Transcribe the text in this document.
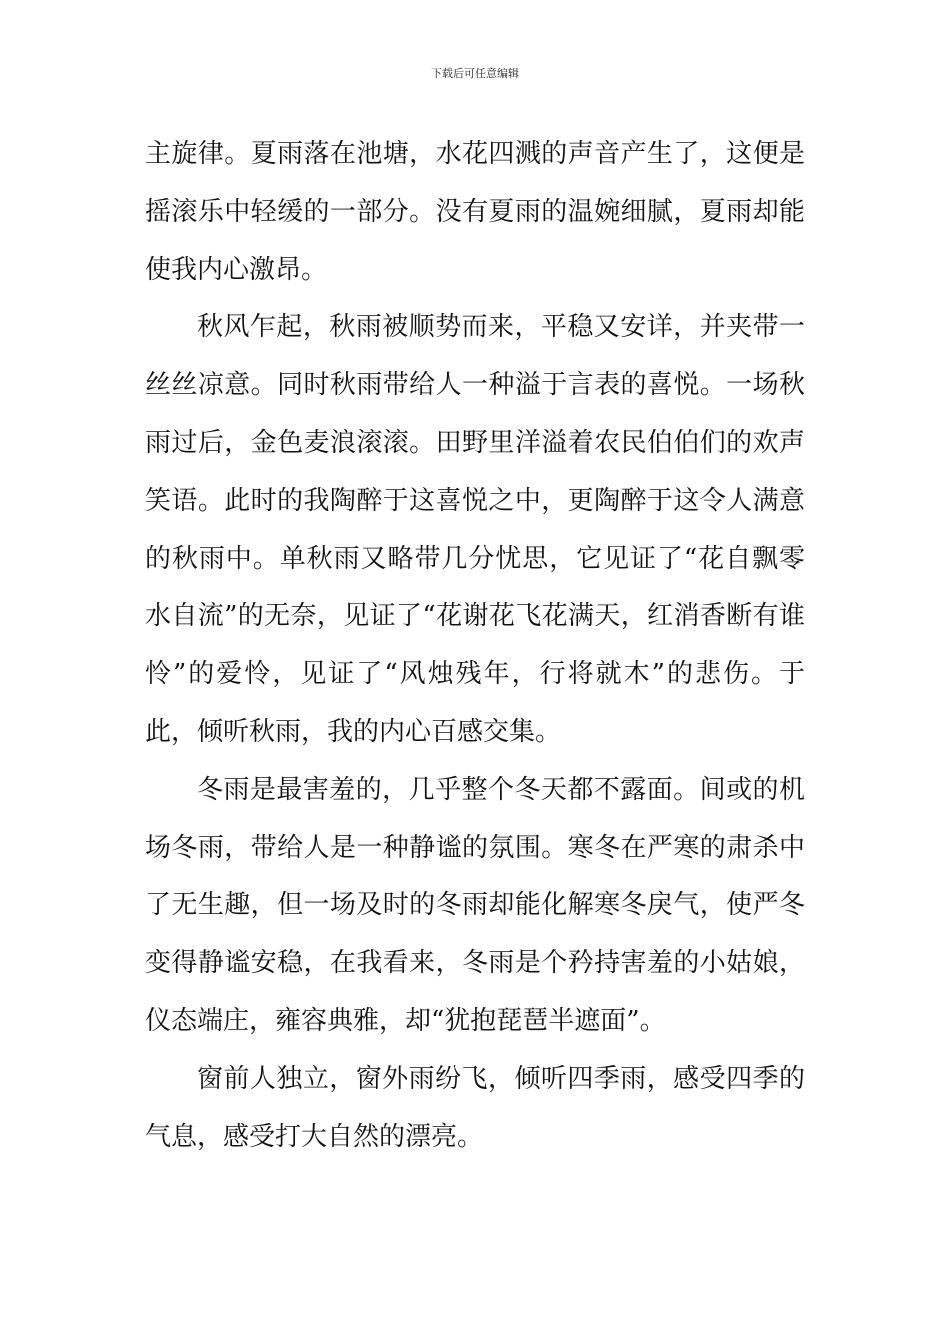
下载后可任意编辑

主旋律。夏雨落在池塘，水花四溅的声音产生了，这便是摇滚乐中轻缓的一部分。没有夏雨的温婉细腻，夏雨却能使我内心激昂。

秋风乍起，秋雨被顺势而来，平稳又安详，并夹带一丝丝凉意。同时秋雨带给人一种溢于言表的喜悦。一场秋雨过后，金色麦浪滚滚。田野里洋溢着农民伯伯们的欢声笑语。此时的我陶醉于这喜悦之中，更陶醉于这令人满意的秋雨中。单秋雨又略带几分忧思，它见证了“花自飘零水自流”的无奈，见证了“花谢花飞花满天，红消香断有谁怜”的爱怜，见证了“风烛残年，行将就木”的悲伤。于此，倾听秋雨，我的内心百感交集。

冬雨是最害羞的，几乎整个冬天都不露面。间或的机场冬雨，带给人是一种静谧的氛围。寒冬在严寒的肃杀中了无生趣，但一场及时的冬雨却能化解寒冬戾气，使严冬变得静谧安稳，在我看来，冬雨是个矜持害羞的小姑娘，仪态端庄，雍容典雅，却“犹抱琵琶半遮面”。

窗前人独立，窗外雨纷飞，倾听四季雨，感受四季的气息，感受打大自然的漂亮。
